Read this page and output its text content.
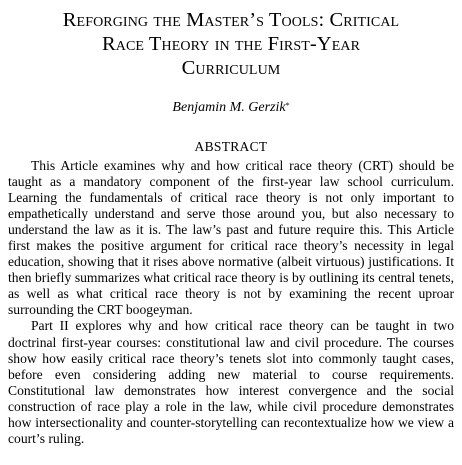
Reforging the Master’s Tools: Critical
Race Theory in the First-Year
Curriculum
Benjamin M. Gerzik*
ABSTRACT

This Article examines why and how critical race theory (CRT) should be taught as a mandatory component of the first-year law school curriculum. Learning the fundamentals of critical race theory is not only important to empathetically understand and serve those around you, but also necessary to understand the law as it is. The law’s past and future require this. This Article first makes the positive argument for critical race theory’s necessity in legal education, showing that it rises above normative (albeit virtuous) justifications. It then briefly summarizes what critical race theory is by outlining its central tenets, as well as what critical race theory is not by examining the recent uproar surrounding the CRT boogeyman.

Part II explores why and how critical race theory can be taught in two doctrinal first-year courses: constitutional law and civil procedure. The courses show how easily critical race theory’s tenets slot into commonly taught cases, before even considering adding new material to course requirements. Constitutional law demonstrates how interest convergence and the social construction of race play a role in the law, while civil procedure demonstrates how intersectionality and counter-storytelling can recontextualize how we view a court’s ruling.
